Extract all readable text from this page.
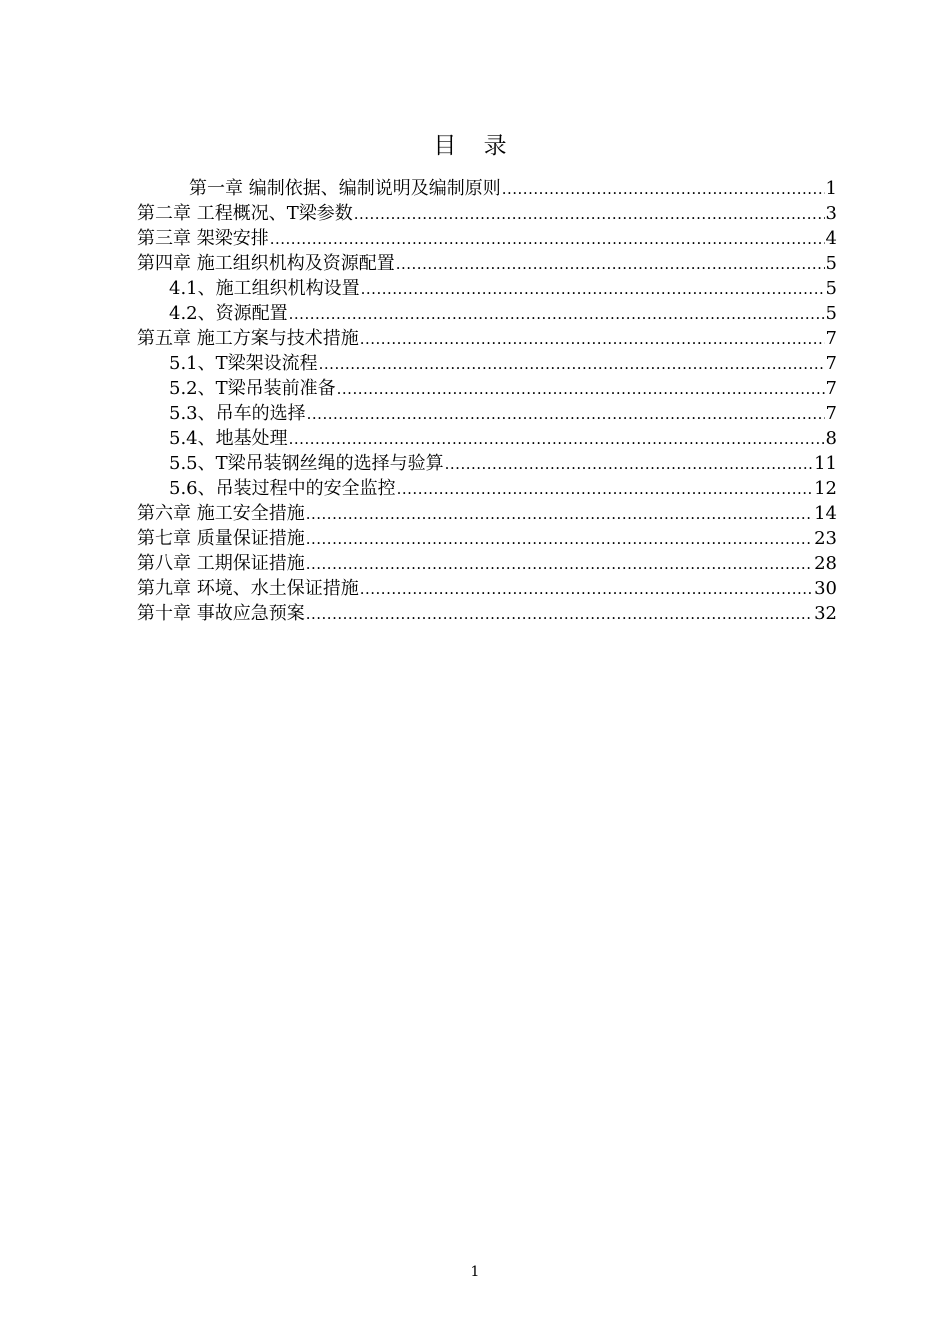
目 录
第一章 编制依据、编制说明及编制原则 .....	1
第二章 工程概况、T梁参数 .....	3
第三章 架梁安排 .....	4
第四章 施工组织机构及资源配置 .....	5
4.1、施工组织机构设置 .....	5
4.2、资源配置 .....	5
第五章 施工方案与技术措施 .....	7
5.1、T梁架设流程 .....	7
5.2、T梁吊装前准备 .....	7
5.3、吊车的选择 .....	7
5.4、地基处理 .....	8
5.5、T梁吊装钢丝绳的选择与验算 .....	11
5.6、吊装过程中的安全监控 .....	12
第六章 施工安全措施 .....	14
第七章 质量保证措施 .....	23
第八章 工期保证措施 .....	28
第九章 环境、水土保证措施 .....	30
第十章 事故应急预案 .....	32
1
